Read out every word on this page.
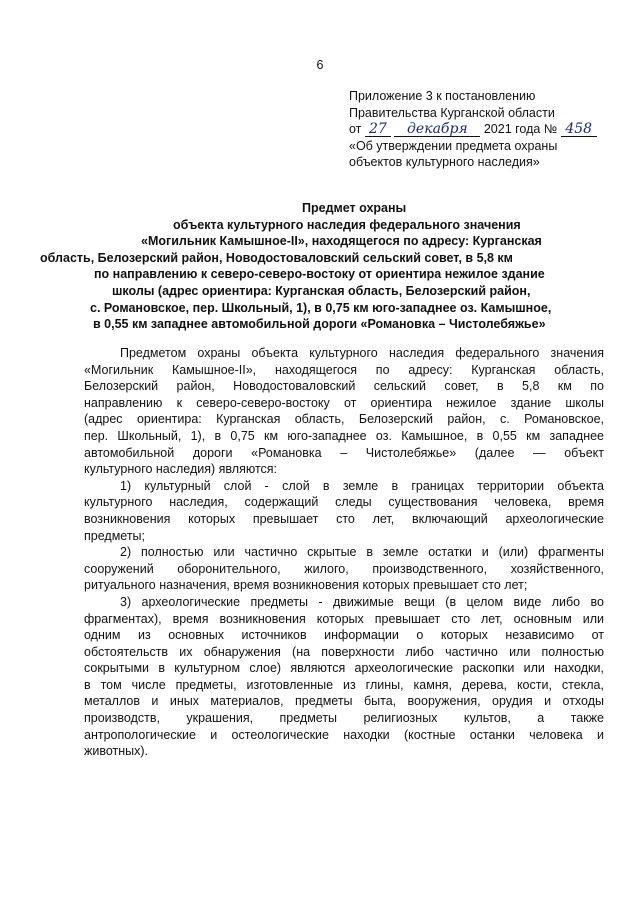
6
Приложение 3 к постановлению
Правительства Курганской области
от 27 декабря 2021 года № 458
«Об утверждении предмета охраны
объектов культурного наследия»
Предмет охраны
объекта культурного наследия федерального значения
«Могильник Камышное-II», находящегося по адресу: Курганская
область, Белозерский район, Новодостоваловский сельский совет, в 5,8 км
по направлению к северо-северо-востоку от ориентира нежилое здание
школы (адрес ориентира: Курганская область, Белозерский район,
с. Романовское, пер. Школьный, 1), в 0,75 км юго-западнее оз. Камышное,
в 0,55 км западнее автомобильной дороги «Романовка – Чистолебяжье»
Предметом охраны объекта культурного наследия федерального значения
«Могильник Камышное-II», находящегося по адресу: Курганская область,
Белозерский район, Новодостоваловский сельский совет, в 5,8 км по
направлению к северо-северо-востоку от ориентира нежилое здание школы
(адрес ориентира: Курганская область, Белозерский район, с. Романовское,
пер. Школьный, 1), в 0,75 км юго-западнее оз. Камышное, в 0,55 км западнее
автомобильной дороги «Романовка – Чистолебяжье» (далее — объект
культурного наследия) являются:
1) культурный слой - слой в земле в границах территории объекта
культурного наследия, содержащий следы существования человека, время
возникновения которых превышает сто лет, включающий археологические
предметы;
2) полностью или частично скрытые в земле остатки и (или) фрагменты
сооружений оборонительного, жилого, производственного, хозяйственного,
ритуального назначения, время возникновения которых превышает сто лет;
3) археологические предметы - движимые вещи (в целом виде либо во
фрагментах), время возникновения которых превышает сто лет, основным или
одним из основных источников информации о которых независимо от
обстоятельств их обнаружения (на поверхности либо частично или полностью
сокрытыми в культурном слое) являются археологические раскопки или находки,
в том числе предметы, изготовленные из глины, камня, дерева, кости, стекла,
металлов и иных материалов, предметы быта, вооружения, орудия и отходы
производств, украшения, предметы религиозных культов, а также
антропологические и остеологические находки (костные останки человека и
животных).
